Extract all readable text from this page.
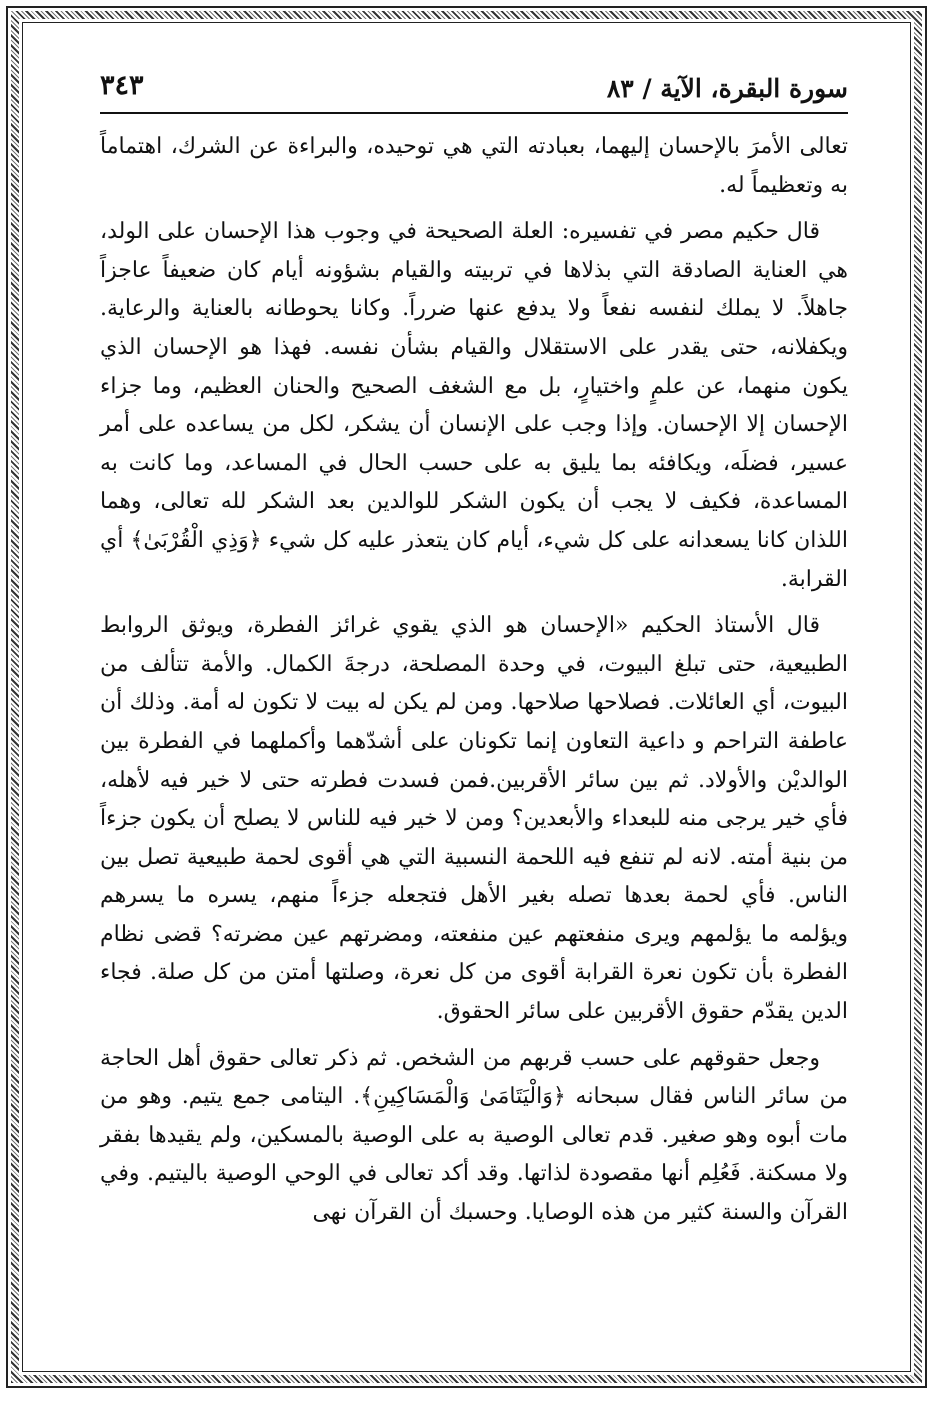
سورة البقرة، الآية / ٨٣
٣٤٣

تعالى الأمرَ بالإحسان إليهما، بعبادته التي هي توحيده، والبراءة عن الشرك، اهتماماً به وتعظيماً له.

قال حكيم مصر في تفسيره: العلة الصحيحة في وجوب هذا الإحسان على الولد، هي العناية الصادقة التي بذلاها في تربيته والقيام بشؤونه أيام كان ضعيفاً عاجزاً جاهلاً. لا يملك لنفسه نفعاً ولا يدفع عنها ضرراً. وكانا يحوطانه بالعناية والرعاية. ويكفلانه، حتى يقدر على الاستقلال والقيام بشأن نفسه. فهذا هو الإحسان الذي يكون منهما، عن علمٍ واختيارٍ، بل مع الشغف الصحيح والحنان العظيم، وما جزاء الإحسان إلا الإحسان. وإذا وجب على الإنسان أن يشكر، لكل من يساعده على أمر عسير، فضلَه، ويكافئه بما يليق به على حسب الحال في المساعد، وما كانت به المساعدة، فكيف لا يجب أن يكون الشكر للوالدين بعد الشكر لله تعالى، وهما اللذان كانا يسعدانه على كل شيء، أيام كان يتعذر عليه كل شيء ﴿وَذِي الْقُرْبَىٰ﴾ أي القرابة.

قال الأستاذ الحكيم «الإحسان هو الذي يقوي غرائز الفطرة، ويوثق الروابط الطبيعية، حتى تبلغ البيوت، في وحدة المصلحة، درجةَ الكمال. والأمة تتألف من البيوت، أي العائلات. فصلاحها صلاحها. ومن لم يكن له بيت لا تكون له أمة. وذلك أن عاطفة التراحم و داعية التعاون إنما تكونان على أشدّهما وأكملهما في الفطرة بين الوالديْن والأولاد. ثم بين سائر الأقربين.فمن فسدت فطرته حتى لا خير فيه لأهله، فأي خير يرجى منه للبعداء والأبعدين؟ ومن لا خير فيه للناس لا يصلح أن يكون جزءاً من بنية أمته. لانه لم تنفع فيه اللحمة النسبية التي هي أقوى لحمة طبيعية تصل بين الناس. فأي لحمة بعدها تصله بغير الأهل فتجعله جزءاً منهم، يسره ما يسرهم ويؤلمه ما يؤلمهم ويرى منفعتهم عين منفعته، ومضرتهم عين مضرته؟ قضى نظام الفطرة بأن تكون نعرة القرابة أقوى من كل نعرة، وصلتها أمتن من كل صلة. فجاء الدين يقدّم حقوق الأقربين على سائر الحقوق.

وجعل حقوقهم على حسب قربهم من الشخص. ثم ذكر تعالى حقوق أهل الحاجة من سائر الناس فقال سبحانه ﴿وَالْيَتَامَىٰ وَالْمَسَاكِينِ﴾. اليتامى جمع يتيم. وهو من مات أبوه وهو صغير. قدم تعالى الوصية به على الوصية بالمسكين، ولم يقيدها بفقر ولا مسكنة. فَعُلِم أنها مقصودة لذاتها. وقد أكد تعالى في الوحي الوصية باليتيم. وفي القرآن والسنة كثير من هذه الوصايا. وحسبك أن القرآن نهى
